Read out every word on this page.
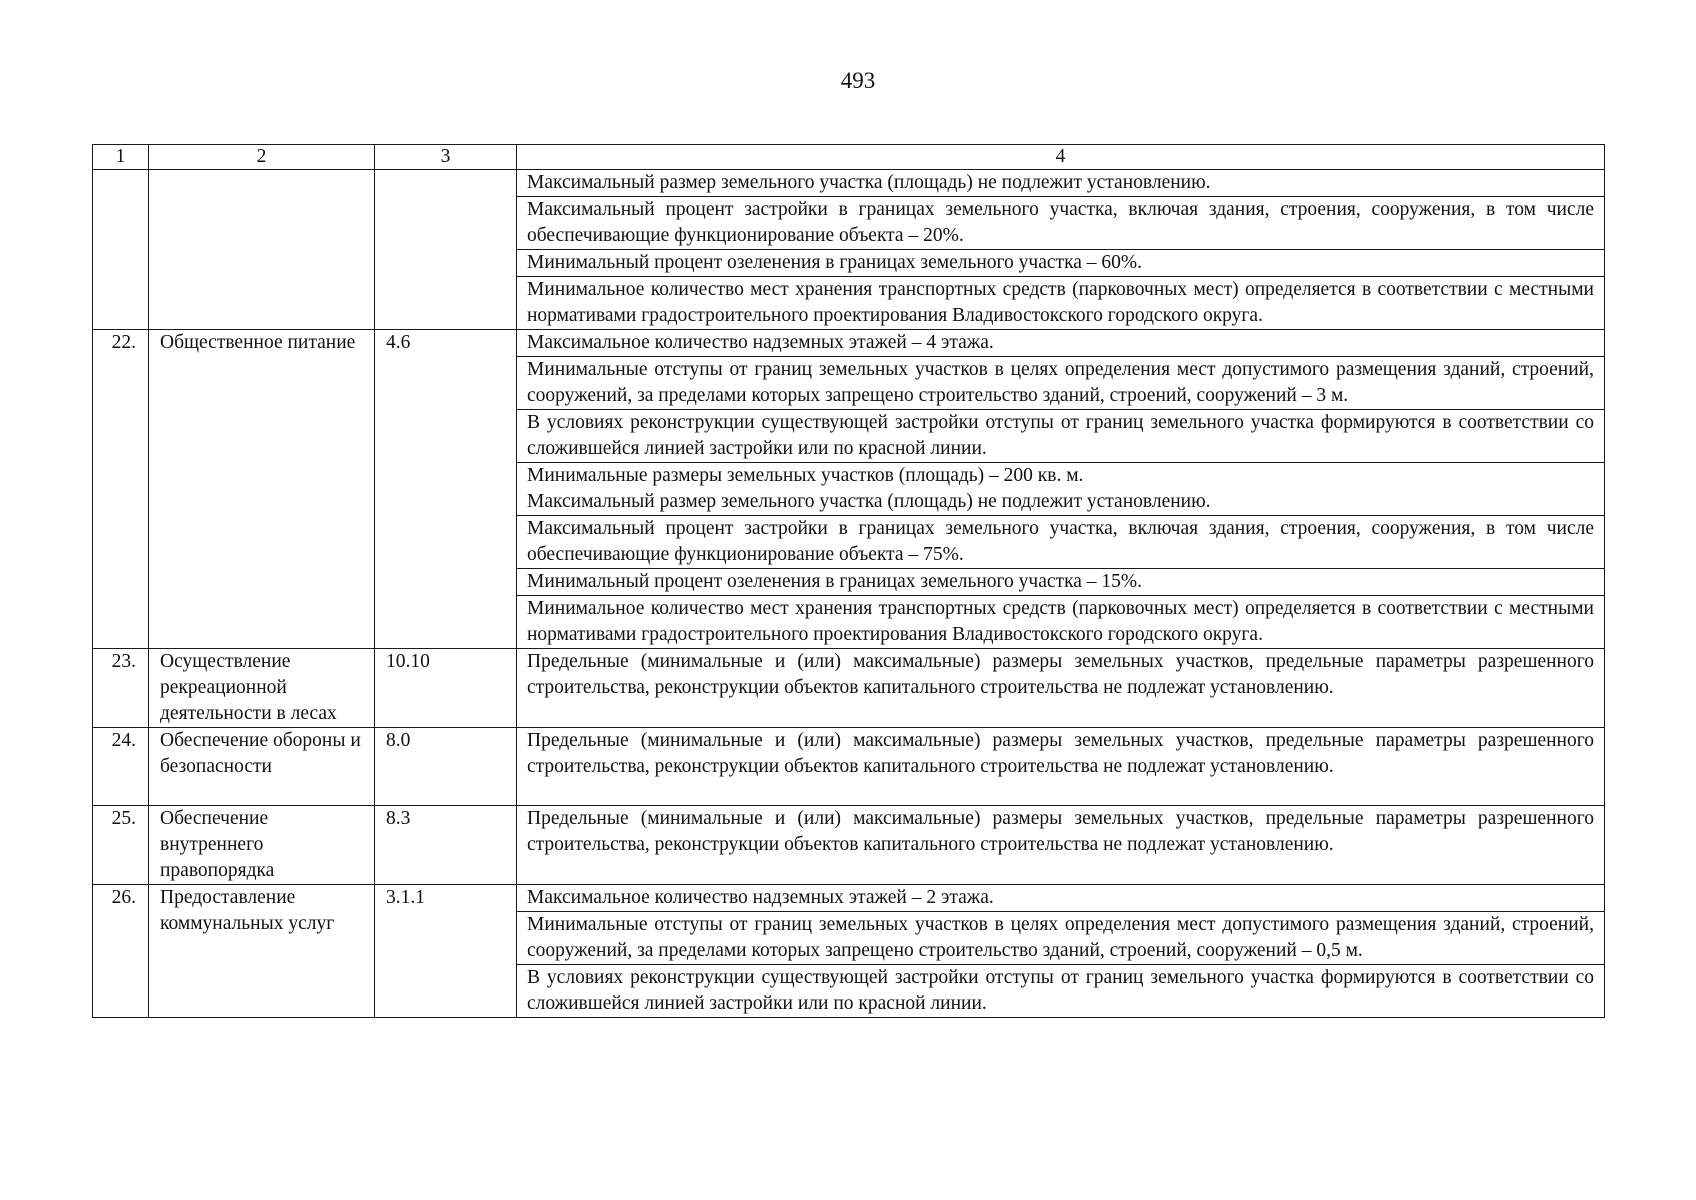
493
1	2	3	4
			Максимальный размер земельного участка (площадь) не подлежит установлению.
			Максимальный процент застройки в границах земельного участка, включая здания, строения, сооружения, в том числе обеспечивающие функционирование объекта – 20%.
			Минимальный процент озеленения в границах земельного участка – 60%.
			Минимальное количество мест хранения транспортных средств (парковочных мест) определяется в соответствии с местными нормативами градостроительного проектирования Владивостокского городского округа.
22.	Общественное питание	4.6	Максимальное количество надземных этажей – 4 этажа.
			Минимальные отступы от границ земельных участков в целях определения мест допустимого размещения зданий, строений, сооружений, за пределами которых запрещено строительство зданий, строений, сооружений – 3 м.
			В условиях реконструкции существующей застройки отступы от границ земельного участка формируются в соответствии со сложившейся линией застройки или по красной линии.
			Минимальные размеры земельных участков (площадь) – 200 кв. м.
Максимальный размер земельного участка (площадь) не подлежит установлению.
			Максимальный процент застройки в границах земельного участка, включая здания, строения, сооружения, в том числе обеспечивающие функционирование объекта – 75%.
			Минимальный процент озеленения в границах земельного участка – 15%.
			Минимальное количество мест хранения транспортных средств (парковочных мест) определяется в соответствии с местными нормативами градостроительного проектирования Владивостокского городского округа.
23.	Осуществление рекреационной деятельности в лесах	10.10	Предельные (минимальные и (или) максимальные) размеры земельных участков, предельные параметры разрешенного строительства, реконструкции объектов капитального строительства не подлежат установлению.
24.	Обеспечение обороны и безопасности	8.0	Предельные (минимальные и (или) максимальные) размеры земельных участков, предельные параметры разрешенного строительства, реконструкции объектов капитального строительства не подлежат установлению.
25.	Обеспечение внутреннего правопорядка	8.3	Предельные (минимальные и (или) максимальные) размеры земельных участков, предельные параметры разрешенного строительства, реконструкции объектов капитального строительства не подлежат установлению.
26.	Предоставление коммунальных услуг	3.1.1	Максимальное количество надземных этажей – 2 этажа.
			Минимальные отступы от границ земельных участков в целях определения мест допустимого размещения зданий, строений, сооружений, за пределами которых запрещено строительство зданий, строений, сооружений – 0,5 м.
			В условиях реконструкции существующей застройки отступы от границ земельного участка формируются в соответствии со сложившейся линией застройки или по красной линии.
